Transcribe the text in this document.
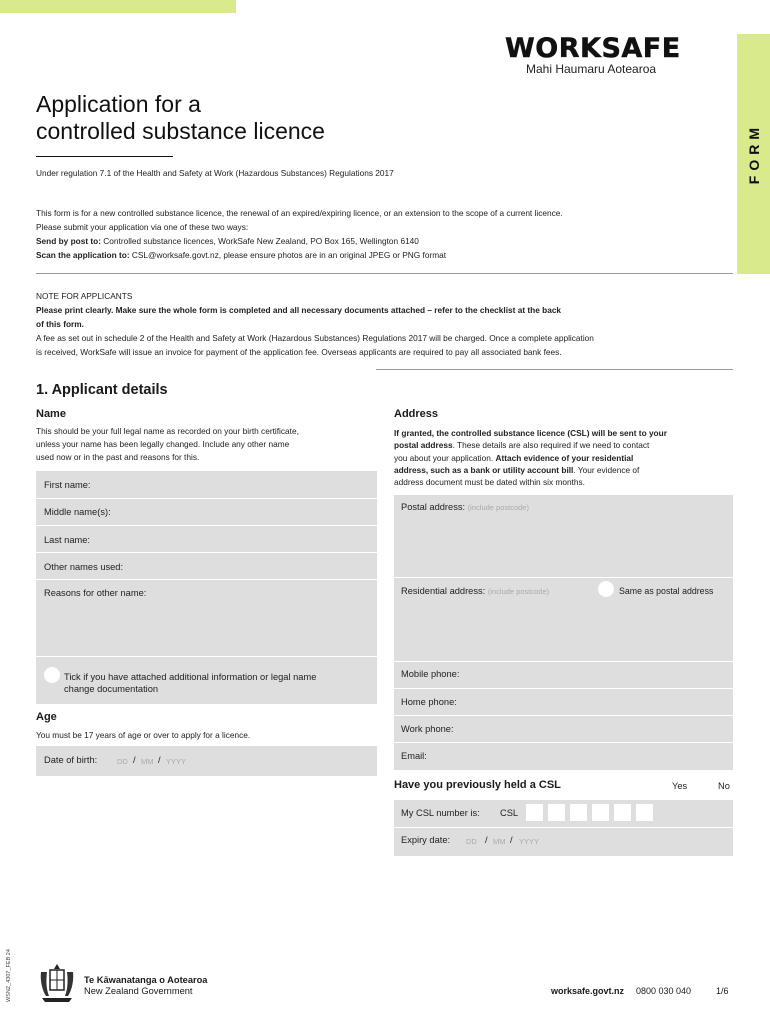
FORM
WORKSAFE
Mahi Haumaru Aotearoa
Application for a
controlled substance licence
Under regulation 7.1 of the Health and Safety at Work (Hazardous Substances) Regulations 2017
This form is for a new controlled substance licence, the renewal of an expired/expiring licence, or an extension to the scope of a current licence.
Please submit your application via one of these two ways:
Send by post to: Controlled substance licences, WorkSafe New Zealand, PO Box 165, Wellington 6140
Scan the application to: CSL@worksafe.govt.nz, please ensure photos are in an original JPEG or PNG format
NOTE FOR APPLICANTS
Please print clearly. Make sure the whole form is completed and all necessary documents attached – refer to the checklist at the back
of this form.
A fee as set out in schedule 2 of the Health and Safety at Work (Hazardous Substances) Regulations 2017 will be charged. Once a complete application
is received, WorkSafe will issue an invoice for payment of the application fee. Overseas applicants are required to pay all associated bank fees.
1. Applicant details
Name
This should be your full legal name as recorded on your birth certificate,
unless your name has been legally changed. Include any other name
used now or in the past and reasons for this.
First name:
Middle name(s):
Last name:
Other names used:
Reasons for other name:
Tick if you have attached additional information or legal name
change documentation
Age
You must be 17 years of age or over to apply for a licence.
Date of birth:	DD / MM / YYYY
Address
If granted, the controlled substance licence (CSL) will be sent to your
postal address. These details are also required if we need to contact
you about your application. Attach evidence of your residential
address, such as a bank or utility account bill. Your evidence of
address document must be dated within six months.
Postal address: (include postcode)
Residential address: (include postcode)	Same as postal address
Mobile phone:
Home phone:
Work phone:
Email:
Have you previously held a CSL	Yes	No
My CSL number is: CSL
Expiry date: DD / MM / YYYY
WSNZ_4307_FEB 24	Te Kāwanatanga o Aotearoa
New Zealand Government	worksafe.govt.nz 0800 030 040	1/6
